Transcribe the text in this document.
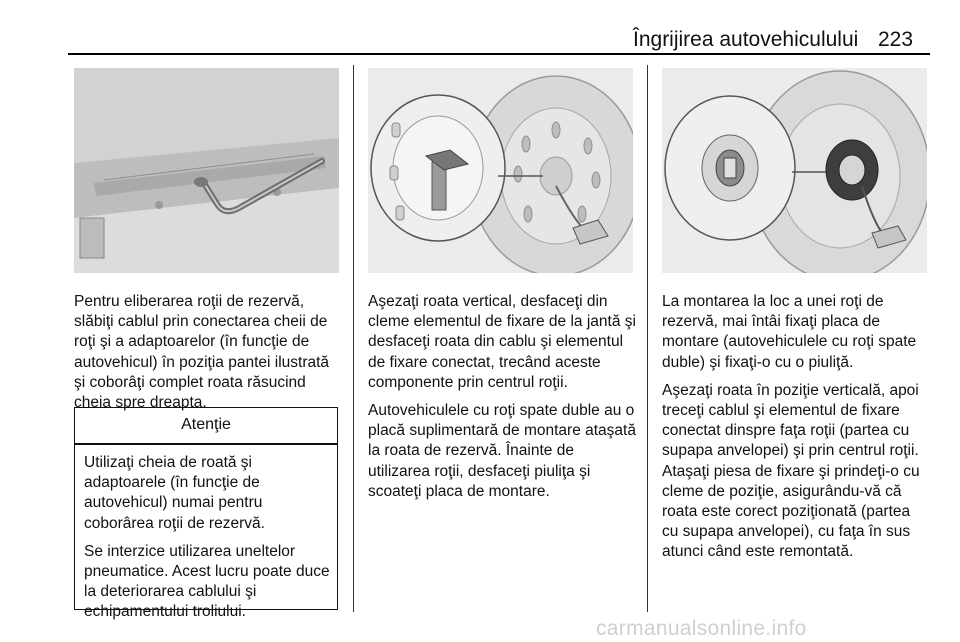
Îngrijirea autovehiculului 223

Pentru eliberarea roţii de rezervă, slăbiţi cablul prin conectarea cheii de roţi şi a adaptoarelor (în funcţie de autovehicul) în poziţia pantei ilustrată şi coborâţi complet roata răsucind cheia spre dreapta.

Atenţie

Utilizaţi cheia de roată şi adaptoarele (în funcţie de autovehicul) numai pentru coborârea roţii de rezervă.

Se interzice utilizarea uneltelor pneumatice. Acest lucru poate duce la deteriorarea cablului şi echipamentului troliului.

Aşezaţi roata vertical, desfaceţi din cleme elementul de fixare de la jantă şi desfaceţi roata din cablu şi elementul de fixare conectat, trecând aceste componente prin centrul roţii.

Autovehiculele cu roţi spate duble au o placă suplimentară de montare ataşată la roata de rezervă. Înainte de utilizarea roţii, desfaceţi piuliţa şi scoateţi placa de montare.

La montarea la loc a unei roţi de rezervă, mai întâi fixaţi placa de montare (autovehiculele cu roţi spate duble) şi fixaţi-o cu o piuliţă.

Aşezaţi roata în poziţie verticală, apoi treceţi cablul şi elementul de fixare conectat dinspre faţa roţii (partea cu supapa anvelopei) şi prin centrul roţii. Ataşaţi piesa de fixare şi prindeţi-o cu cleme de poziţie, asigurându-vă că roata este corect poziţionată (partea cu supapa anvelopei), cu faţa în sus atunci când este remontată.

carmanualsonline.info
